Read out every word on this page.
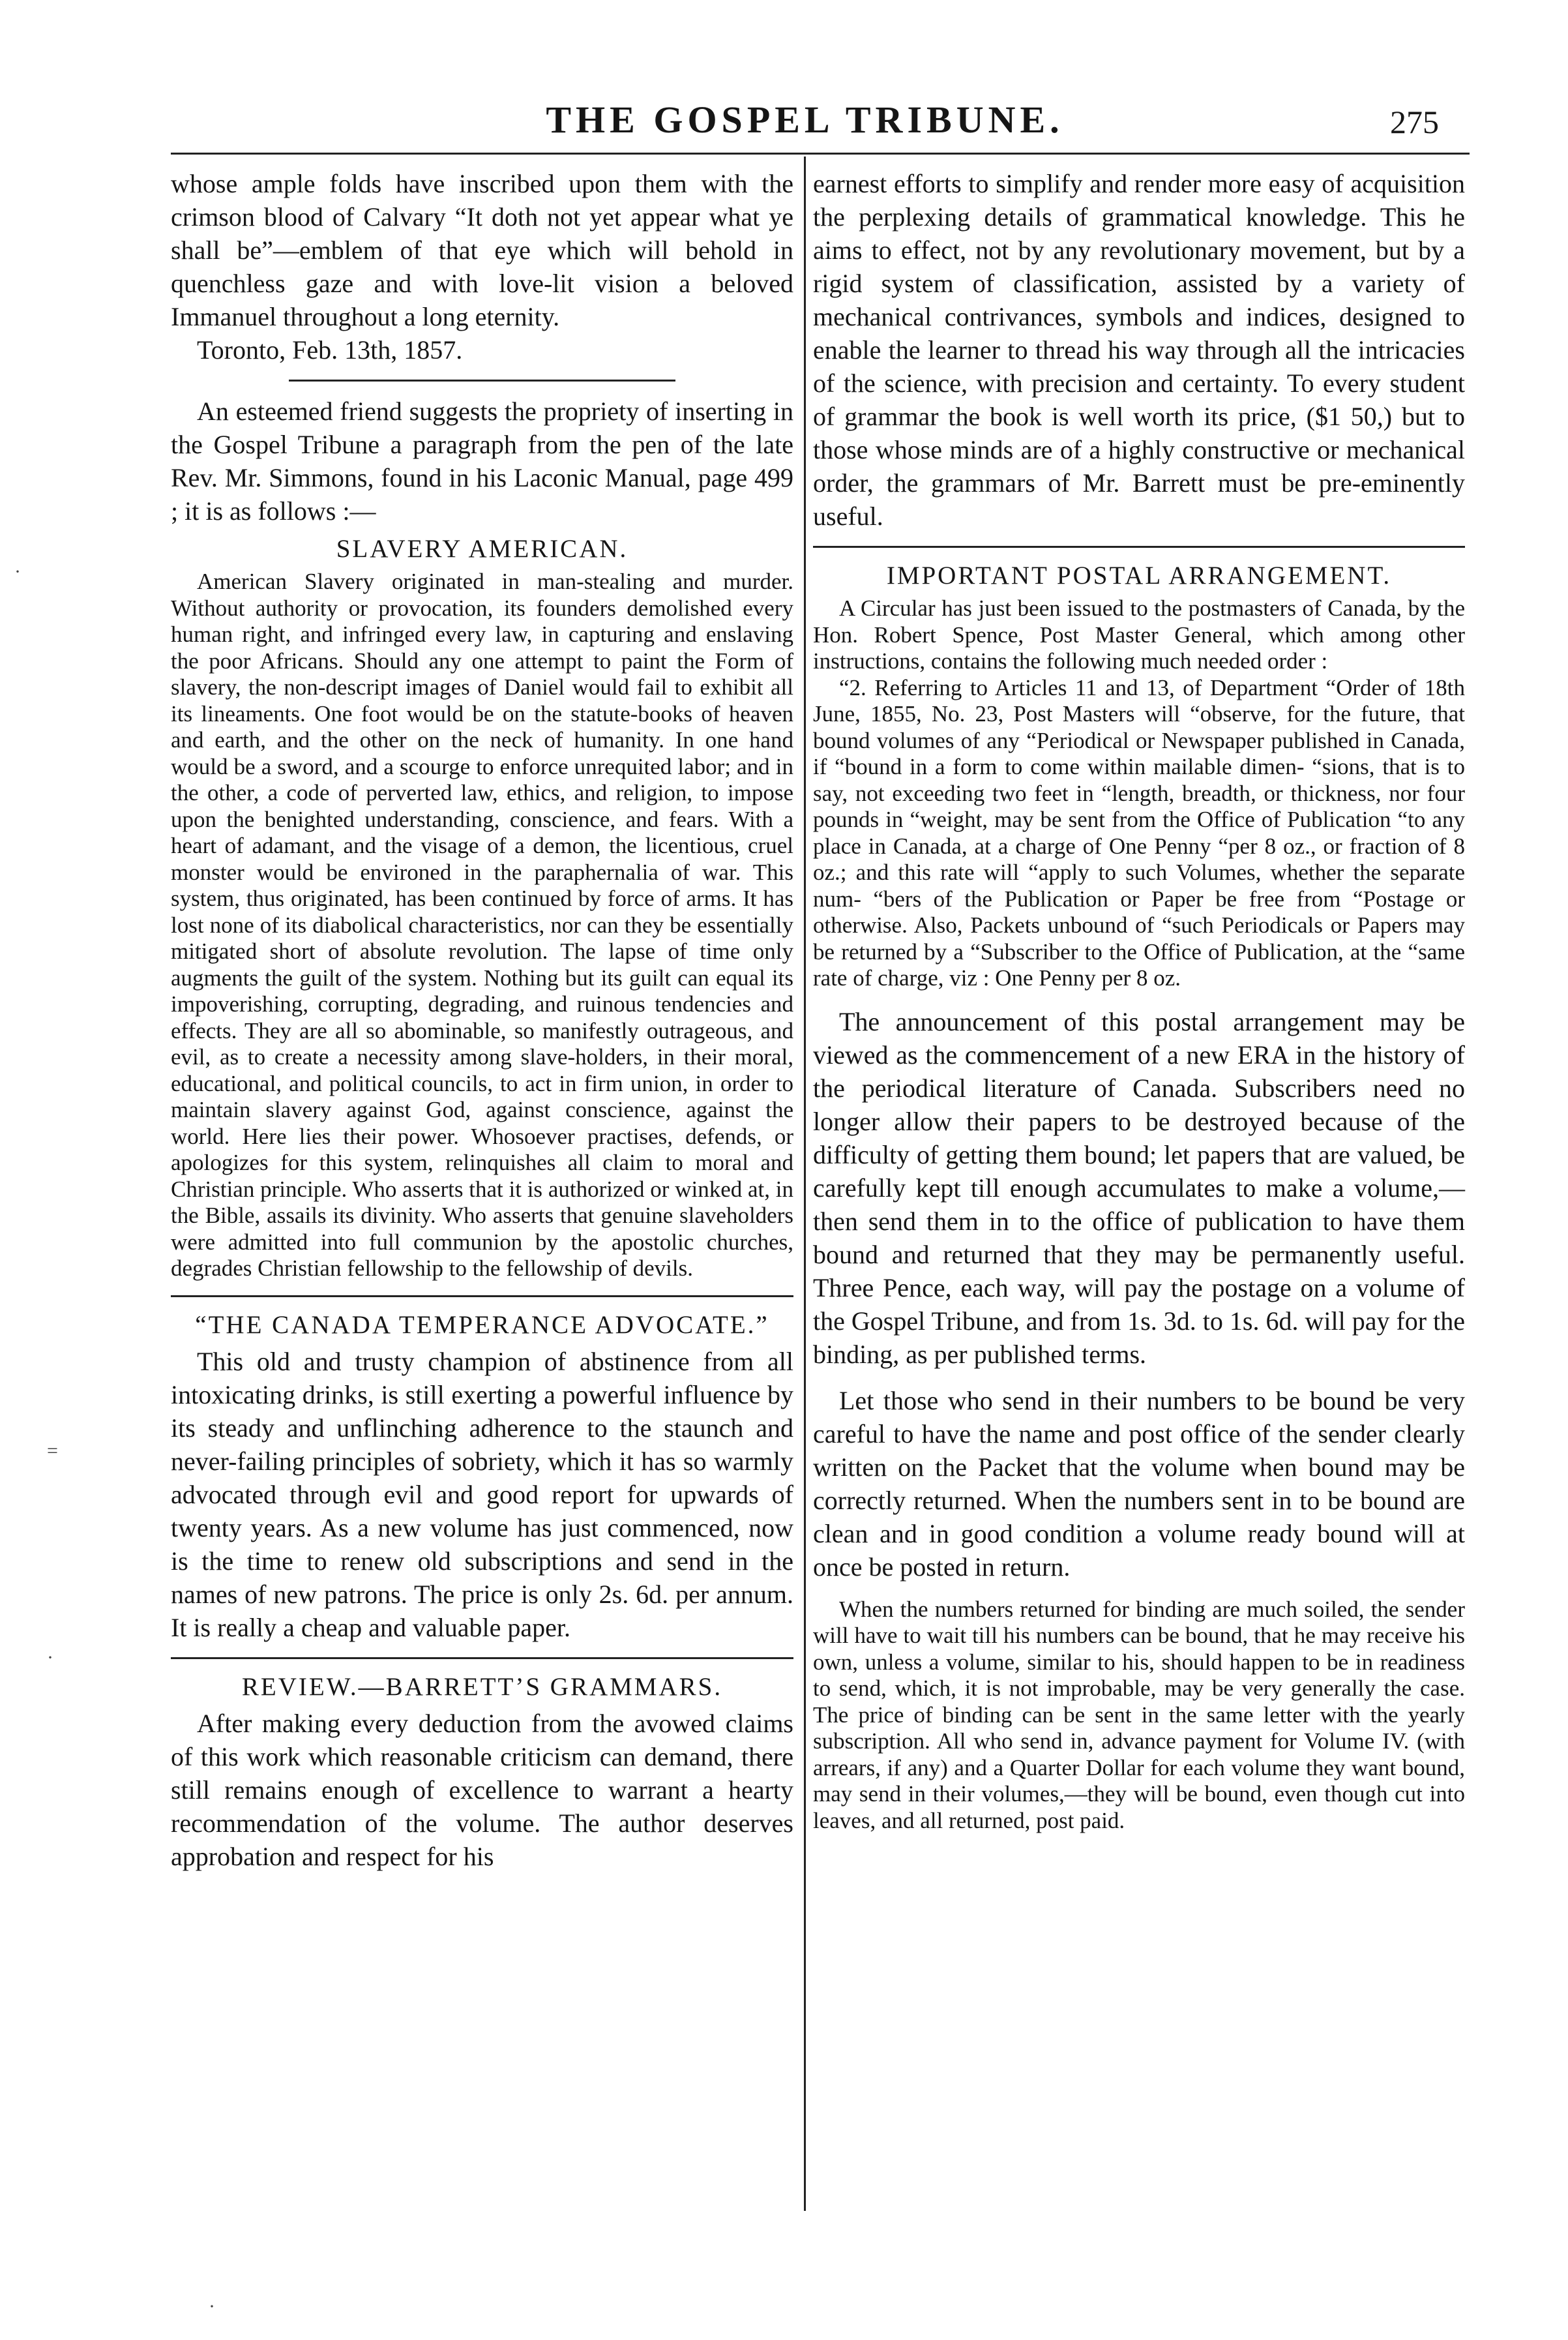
THE GOSPEL TRIBUNE.	275

whose ample folds have inscribed upon them with the crimson blood of Calvary “It doth not yet appear what ye shall be”—emblem of that eye which will behold in quenchless gaze and with love-lit vision a beloved Immanuel throughout a long eternity.

Toronto, Feb. 13th, 1857.

An esteemed friend suggests the propriety of inserting in the Gospel Tribune a paragraph from the pen of the late Rev. Mr. Simmons, found in his Laconic Manual, page 499 ; it is as follows :—

SLAVERY AMERICAN.

American Slavery originated in man-stealing and murder. Without authority or provocation, its founders demolished every human right, and infringed every law, in capturing and enslaving the poor Africans. Should any one attempt to paint the Form of slavery, the non-descript images of Daniel would fail to exhibit all its lineaments. One foot would be on the statute-books of heaven and earth, and the other on the neck of humanity. In one hand would be a sword, and a scourge to enforce unrequited labor; and in the other, a code of perverted law, ethics, and religion, to impose upon the benighted understanding, conscience, and fears. With a heart of adamant, and the visage of a demon, the licentious, cruel monster would be environed in the paraphernalia of war. This system, thus originated, has been continued by force of arms. It has lost none of its diabolical characteristics, nor can they be essentially mitigated short of absolute revolution. The lapse of time only augments the guilt of the system. Nothing but its guilt can equal its impoverishing, corrupting, degrading, and ruinous tendencies and effects. They are all so abominable, so manifestly outrageous, and evil, as to create a necessity among slave-holders, in their moral, educational, and political councils, to act in firm union, in order to maintain slavery against God, against conscience, against the world. Here lies their power. Whosoever practises, defends, or apologizes for this system, relinquishes all claim to moral and Christian principle. Who asserts that it is authorized or winked at, in the Bible, assails its divinity. Who asserts that genuine slaveholders were admitted into full communion by the apostolic churches, degrades Christian fellowship to the fellowship of devils.

“THE CANADA TEMPERANCE ADVOCATE.”

This old and trusty champion of abstinence from all intoxicating drinks, is still exerting a powerful influence by its steady and unflinching adherence to the staunch and never-failing principles of sobriety, which it has so warmly advocated through evil and good report for upwards of twenty years. As a new volume has just commenced, now is the time to renew old subscriptions and send in the names of new patrons. The price is only 2s. 6d. per annum. It is really a cheap and valuable paper.

REVIEW.—BARRETT’S GRAMMARS.

After making every deduction from the avowed claims of this work which reasonable criticism can demand, there still remains enough of excellence to warrant a hearty recommendation of the volume. The author deserves approbation and respect for his

earnest efforts to simplify and render more easy of acquisition the perplexing details of grammatical knowledge. This he aims to effect, not by any revolutionary movement, but by a rigid system of classification, assisted by a variety of mechanical contrivances, symbols and indices, designed to enable the learner to thread his way through all the intricacies of the science, with precision and certainty. To every student of grammar the book is well worth its price, ($1 50,) but to those whose minds are of a highly constructive or mechanical order, the grammars of Mr. Barrett must be pre-eminently useful.

IMPORTANT POSTAL ARRANGEMENT.

A Circular has just been issued to the postmasters of Canada, by the Hon. Robert Spence, Post Master General, which among other instructions, contains the following much needed order :

“2. Referring to Articles 11 and 13, of Department “Order of 18th June, 1855, No. 23, Post Masters will “observe, for the future, that bound volumes of any “Periodical or Newspaper published in Canada, if “bound in a form to come within mailable dimen- “sions, that is to say, not exceeding two feet in “length, breadth, or thickness, nor four pounds in “weight, may be sent from the Office of Publication “to any place in Canada, at a charge of One Penny “per 8 oz., or fraction of 8 oz.; and this rate will “apply to such Volumes, whether the separate num- “bers of the Publication or Paper be free from “Postage or otherwise. Also, Packets unbound of “such Periodicals or Papers may be returned by a “Subscriber to the Office of Publication, at the “same rate of charge, viz : One Penny per 8 oz.

The announcement of this postal arrangement may be viewed as the commencement of a new ERA in the history of the periodical literature of Canada. Subscribers need no longer allow their papers to be destroyed because of the difficulty of getting them bound; let papers that are valued, be carefully kept till enough accumulates to make a volume,—then send them in to the office of publication to have them bound and returned that they may be permanently useful. Three Pence, each way, will pay the postage on a volume of the Gospel Tribune, and from 1s. 3d. to 1s. 6d. will pay for the binding, as per published terms.

Let those who send in their numbers to be bound be very careful to have the name and post office of the sender clearly written on the Packet that the volume when bound may be correctly returned. When the numbers sent in to be bound are clean and in good condition a volume ready bound will at once be posted in return.

When the numbers returned for binding are much soiled, the sender will have to wait till his numbers can be bound, that he may receive his own, unless a volume, similar to his, should happen to be in readiness to send, which, it is not improbable, may be very generally the case. The price of binding can be sent in the same letter with the yearly subscription. All who send in, advance payment for Volume IV. (with arrears, if any) and a Quarter Dollar for each volume they want bound, may send in their volumes,—they will be bound, even though cut into leaves, and all returned, post paid.

·
=
·
·
